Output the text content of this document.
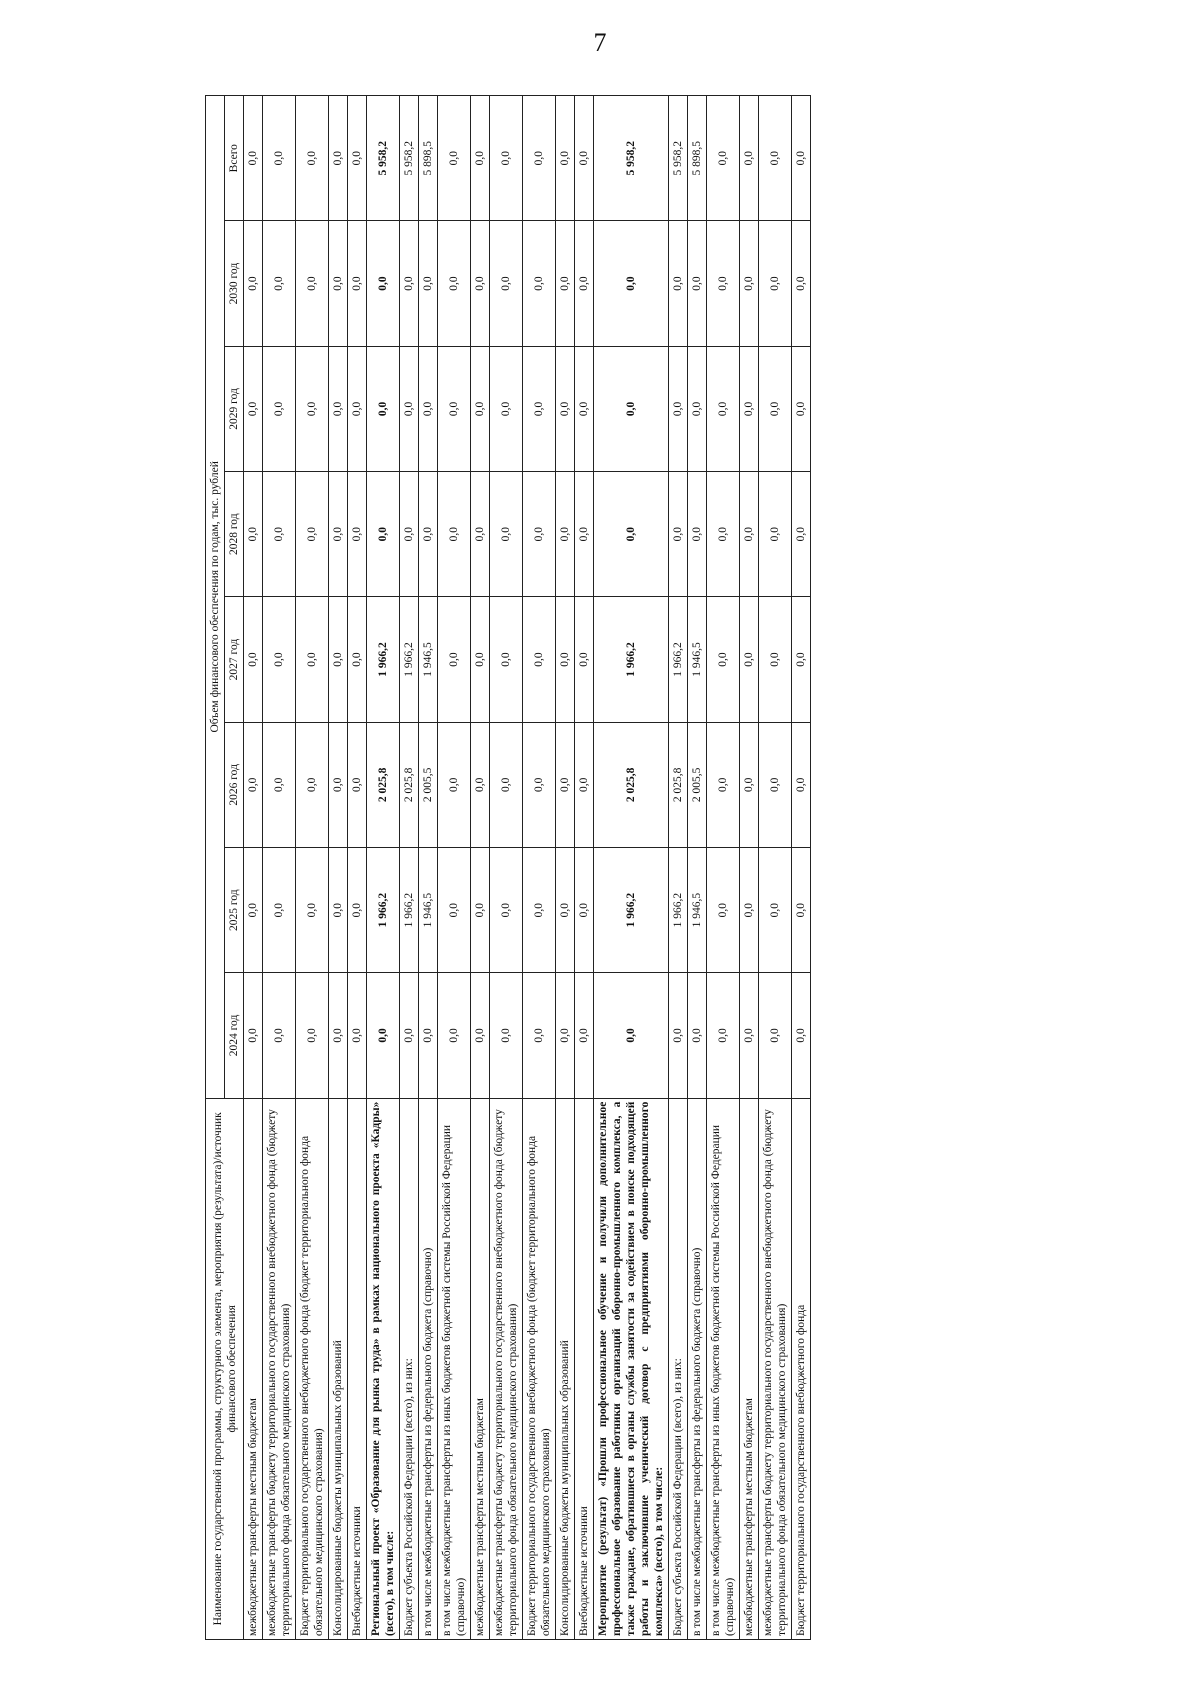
7
Наименование государственной программы, структурного элемента, мероприятия (результата)/источник финансового обеспечения	Объем финансового обеспечения по годам, тыс. рублей							
	2024 год	2025 год	2026 год	2027 год	2028 год	2029 год	2030 год	Всего
межбюджетные трансферты местным бюджетам	0,0	0,0	0,0	0,0	0,0	0,0	0,0	0,0
межбюджетные трансферты бюджету территориального государственного внебюджетного фонда (бюджету территориального фонда обязательного медицинского страхования)	0,0	0,0	0,0	0,0	0,0	0,0	0,0	0,0
Бюджет территориального государственного внебюджетного фонда (бюджет территориального фонда обязательного медицинского страхования)	0,0	0,0	0,0	0,0	0,0	0,0	0,0	0,0
Консолидированные бюджеты муниципальных образований	0,0	0,0	0,0	0,0	0,0	0,0	0,0	0,0
Внебюджетные источники	0,0	0,0	0,0	0,0	0,0	0,0	0,0	0,0
Региональный проект «Образование для рынка труда» в рамках национального проекта «Кадры» (всего), в том числе:	0,0	1 966,2	2 025,8	1 966,2	0,0	0,0	0,0	5 958,2
Бюджет субъекта Российской Федерации (всего), из них:	0,0	1 966,2	2 025,8	1 966,2	0,0	0,0	0,0	5 958,2
в том числе межбюджетные трансферты из федерального бюджета (справочно)	0,0	1 946,5	2 005,5	1 946,5	0,0	0,0	0,0	5 898,5
в том числе межбюджетные трансферты из иных бюджетов бюджетной системы Российской Федерации (справочно)	0,0	0,0	0,0	0,0	0,0	0,0	0,0	0,0
межбюджетные трансферты местным бюджетам	0,0	0,0	0,0	0,0	0,0	0,0	0,0	0,0
межбюджетные трансферты бюджету территориального государственного внебюджетного фонда (бюджету территориального фонда обязательного медицинского страхования)	0,0	0,0	0,0	0,0	0,0	0,0	0,0	0,0
Бюджет территориального государственного внебюджетного фонда (бюджет территориального фонда обязательного медицинского страхования)	0,0	0,0	0,0	0,0	0,0	0,0	0,0	0,0
Консолидированные бюджеты муниципальных образований	0,0	0,0	0,0	0,0	0,0	0,0	0,0	0,0
Внебюджетные источники	0,0	0,0	0,0	0,0	0,0	0,0	0,0	0,0
Мероприятие (результат) «Прошли профессиональное обучение и получили дополнительное профессиональное образование работники организаций оборонно-промышленного комплекса, а также граждане, обратившиеся в органы службы занятости за содействием в поиске подходящей работы и заключившие ученический договор с предприятиями оборонно-промышленного комплекса» (всего), в том числе:	0,0	1 966,2	2 025,8	1 966,2	0,0	0,0	0,0	5 958,2
Бюджет субъекта Российской Федерации (всего), из них:	0,0	1 966,2	2 025,8	1 966,2	0,0	0,0	0,0	5 958,2
в том числе межбюджетные трансферты из федерального бюджета (справочно)	0,0	1 946,5	2 005,5	1 946,5	0,0	0,0	0,0	5 898,5
в том числе межбюджетные трансферты из иных бюджетов бюджетной системы Российской Федерации (справочно)	0,0	0,0	0,0	0,0	0,0	0,0	0,0	0,0
межбюджетные трансферты местным бюджетам	0,0	0,0	0,0	0,0	0,0	0,0	0,0	0,0
межбюджетные трансферты бюджету территориального государственного внебюджетного фонда (бюджету территориального фонда обязательного медицинского страхования)	0,0	0,0	0,0	0,0	0,0	0,0	0,0	0,0
Бюджет территориального государственного внебюджетного фонда	0,0	0,0	0,0	0,0	0,0	0,0	0,0	0,0
